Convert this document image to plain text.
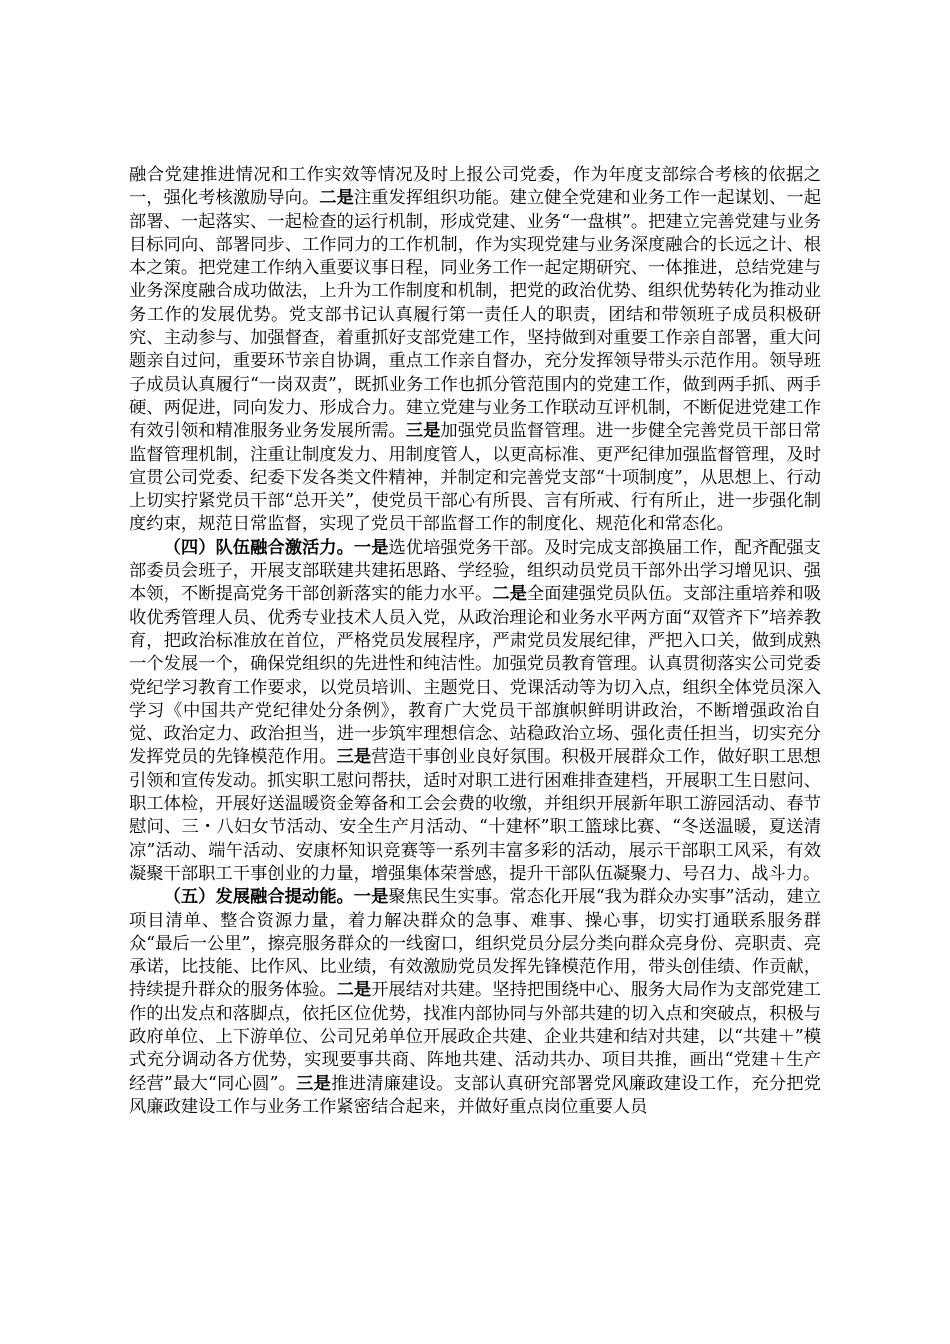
融合党建推进情况和工作实效等情况及时上报公司党委，作为年度支部综合考核的依据之一，强化考核激励导向。二是注重发挥组织功能。建立健全党建和业务工作一起谋划、一起部署、一起落实、一起检查的运行机制，形成党建、业务“一盘棋”。把建立完善党建与业务目标同向、部署同步、工作同力的工作机制，作为实现党建与业务深度融合的长远之计、根本之策。把党建工作纳入重要议事日程，同业务工作一起定期研究、一体推进，总结党建与业务深度融合成功做法，上升为工作制度和机制，把党的政治优势、组织优势转化为推动业务工作的发展优势。党支部书记认真履行第一责任人的职责，团结和带领班子成员积极研究、主动参与、加强督查，着重抓好支部党建工作，坚持做到对重要工作亲自部署，重大问题亲自过问，重要环节亲自协调，重点工作亲自督办，充分发挥领导带头示范作用。领导班子成员认真履行“一岗双责”，既抓业务工作也抓分管范围内的党建工作，做到两手抓、两手硬、两促进，同向发力、形成合力。建立党建与业务工作联动互评机制，不断促进党建工作有效引领和精准服务业务发展所需。三是加强党员监督管理。进一步健全完善党员干部日常监督管理机制，注重让制度发力、用制度管人，以更高标准、更严纪律加强监督管理，及时宣贯公司党委、纪委下发各类文件精神，并制定和完善党支部“十项制度”，从思想上、行动上切实拧紧党员干部“总开关”，使党员干部心有所畏、言有所戒、行有所止，进一步强化制度约束，规范日常监督，实现了党员干部监督工作的制度化、规范化和常态化。

（四）队伍融合激活力。一是选优培强党务干部。及时完成支部换届工作，配齐配强支部委员会班子，开展支部联建共建拓思路、学经验，组织动员党员干部外出学习增见识、强本领，不断提高党务干部创新落实的能力水平。二是全面建强党员队伍。支部注重培养和吸收优秀管理人员、优秀专业技术人员入党，从政治理论和业务水平两方面“双管齐下”培养教育，把政治标准放在首位，严格党员发展程序，严肃党员发展纪律，严把入口关，做到成熟一个发展一个，确保党组织的先进性和纯洁性。加强党员教育管理。认真贯彻落实公司党委党纪学习教育工作要求，以党员培训、主题党日、党课活动等为切入点，组织全体党员深入学习《中国共产党纪律处分条例》，教育广大党员干部旗帜鲜明讲政治，不断增强政治自觉、政治定力、政治担当，进一步筑牢理想信念、站稳政治立场、强化责任担当，切实充分发挥党员的先锋模范作用。三是营造干事创业良好氛围。积极开展群众工作，做好职工思想引领和宣传发动。抓实职工慰问帮扶，适时对职工进行困难排查建档，开展职工生日慰问、职工体检，开展好送温暖资金筹备和工会会费的收缴，并组织开展新年职工游园活动、春节慰问、三・八妇女节活动、安全生产月活动、“十建杯”职工篮球比赛、“冬送温暖，夏送清凉”活动、端午活动、安康杯知识竞赛等一系列丰富多彩的活动，展示干部职工风采，有效凝聚干部职工干事创业的力量，增强集体荣誉感，提升干部队伍凝聚力、号召力、战斗力。

（五）发展融合提动能。一是聚焦民生实事。常态化开展“我为群众办实事”活动，建立项目清单、整合资源力量，着力解决群众的急事、难事、操心事，切实打通联系服务群众“最后一公里”，擦亮服务群众的一线窗口，组织党员分层分类向群众亮身份、亮职责、亮承诺，比技能、比作风、比业绩，有效激励党员发挥先锋模范作用，带头创佳绩、作贡献，持续提升群众的服务体验。二是开展结对共建。坚持把围绕中心、服务大局作为支部党建工作的出发点和落脚点，依托区位优势，找准内部协同与外部共建的切入点和突破点，积极与政府单位、上下游单位、公司兄弟单位开展政企共建、企业共建和结对共建，以“共建＋”模式充分调动各方优势，实现要事共商、阵地共建、活动共办、项目共推，画出“党建＋生产经营”最大“同心圆”。三是推进清廉建设。支部认真研究部署党风廉政建设工作，充分把党风廉政建设工作与业务工作紧密结合起来，并做好重点岗位重要人员
